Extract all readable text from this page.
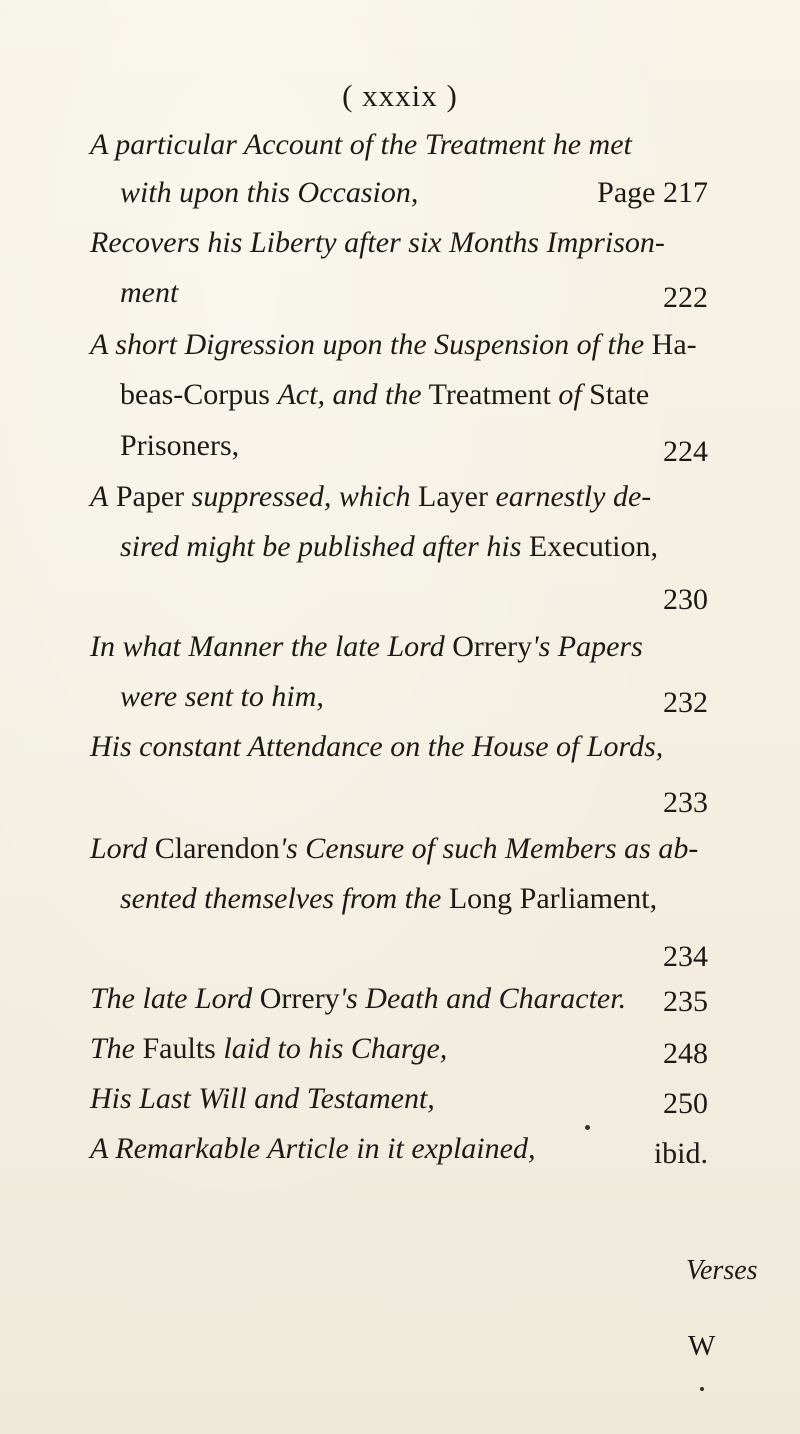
( xxxix )
A particular Account of the Treatment he met
with upon this Occasion,	Page 217
Recovers his Liberty after six Months Imprison-
ment	222
A short Digression upon the Suspension of the Ha-
beas-Corpus Act, and the Treatment of State
Prisoners,	224
A Paper suppressed, which Layer earnestly de-
sired might be published after his Execution,
230
In what Manner the late Lord Orrery's Papers
were sent to him,	232
His constant Attendance on the House of Lords,
233
Lord Clarendon's Censure of such Members as ab-
sented themselves from the Long Parliament,
234
The late Lord Orrery's Death and Character. 235
The Faults laid to his Charge,	248
His Last Will and Testament,	250
A Remarkable Article in it explained,	ibid.
Verses
W
